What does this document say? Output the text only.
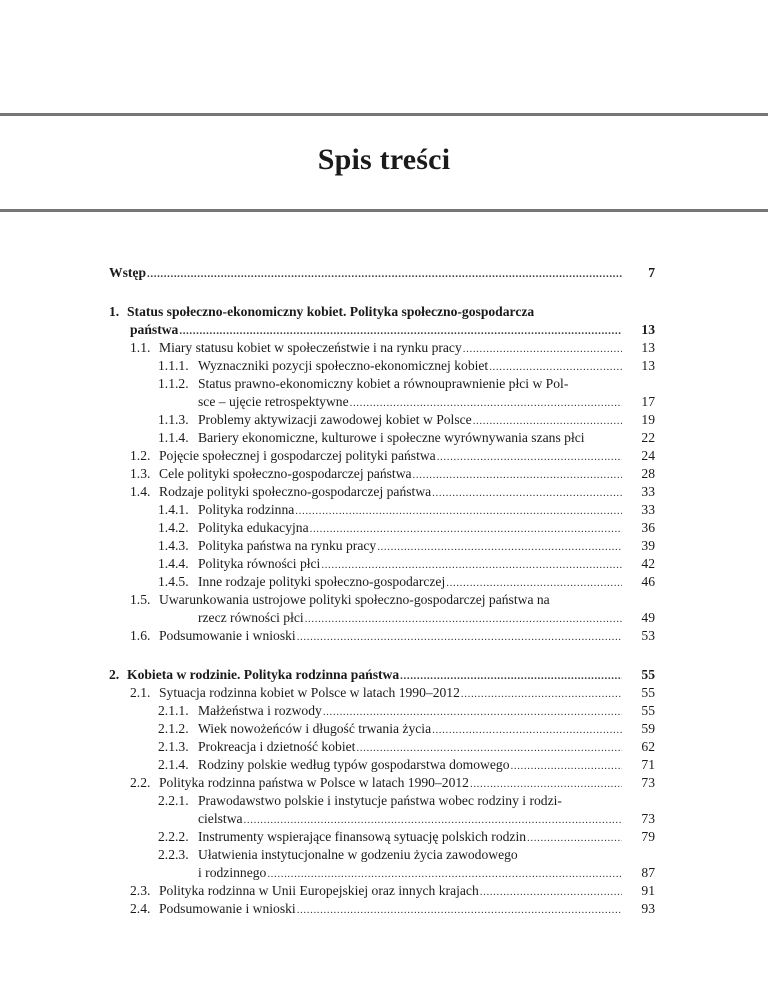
Spis treści
Wstęp .....	7
1. Status społeczno-ekonomiczny kobiet. Polityka społeczno-gospodarcza
państwa .....	13
1.1. Miary statusu kobiet w społeczeństwie i na rynku pracy .....	13
1.1.1. Wyznaczniki pozycji społeczno-ekonomicznej kobiet .....	13
1.1.2. Status prawno-ekonomiczny kobiet a równouprawnienie płci w Pol-
sce – ujęcie retrospektywne .....	17
1.1.3. Problemy aktywizacji zawodowej kobiet w Polsce .....	19
1.1.4. Bariery ekonomiczne, kulturowe i społeczne wyrównywania szans płci	22
1.2. Pojęcie społecznej i gospodarczej polityki państwa .....	24
1.3. Cele polityki społeczno-gospodarczej państwa .....	28
1.4. Rodzaje polityki społeczno-gospodarczej państwa .....	33
1.4.1. Polityka rodzinna .....	33
1.4.2. Polityka edukacyjna .....	36
1.4.3. Polityka państwa na rynku pracy .....	39
1.4.4. Polityka równości płci .....	42
1.4.5. Inne rodzaje polityki społeczno-gospodarczej .....	46
1.5. Uwarunkowania ustrojowe polityki społeczno-gospodarczej państwa na
rzecz równości płci .....	49
1.6. Podsumowanie i wnioski .....	53
2. Kobieta w rodzinie. Polityka rodzinna państwa .....	55
2.1. Sytuacja rodzinna kobiet w Polsce w latach 1990–2012 .....	55
2.1.1. Małżeństwa i rozwody .....	55
2.1.2. Wiek nowożeńców i długość trwania życia .....	59
2.1.3. Prokreacja i dzietność kobiet .....	62
2.1.4. Rodziny polskie według typów gospodarstwa domowego .....	71
2.2. Polityka rodzinna państwa w Polsce w latach 1990–2012 .....	73
2.2.1. Prawodawstwo polskie i instytucje państwa wobec rodziny i rodzi-
cielstwa .....	73
2.2.2. Instrumenty wspierające finansową sytuację polskich rodzin .....	79
2.2.3. Ułatwienia instytucjonalne w godzeniu życia zawodowego
i rodzinnego .....	87
2.3. Polityka rodzinna w Unii Europejskiej oraz innych krajach .....	91
2.4. Podsumowanie i wnioski .....	93
